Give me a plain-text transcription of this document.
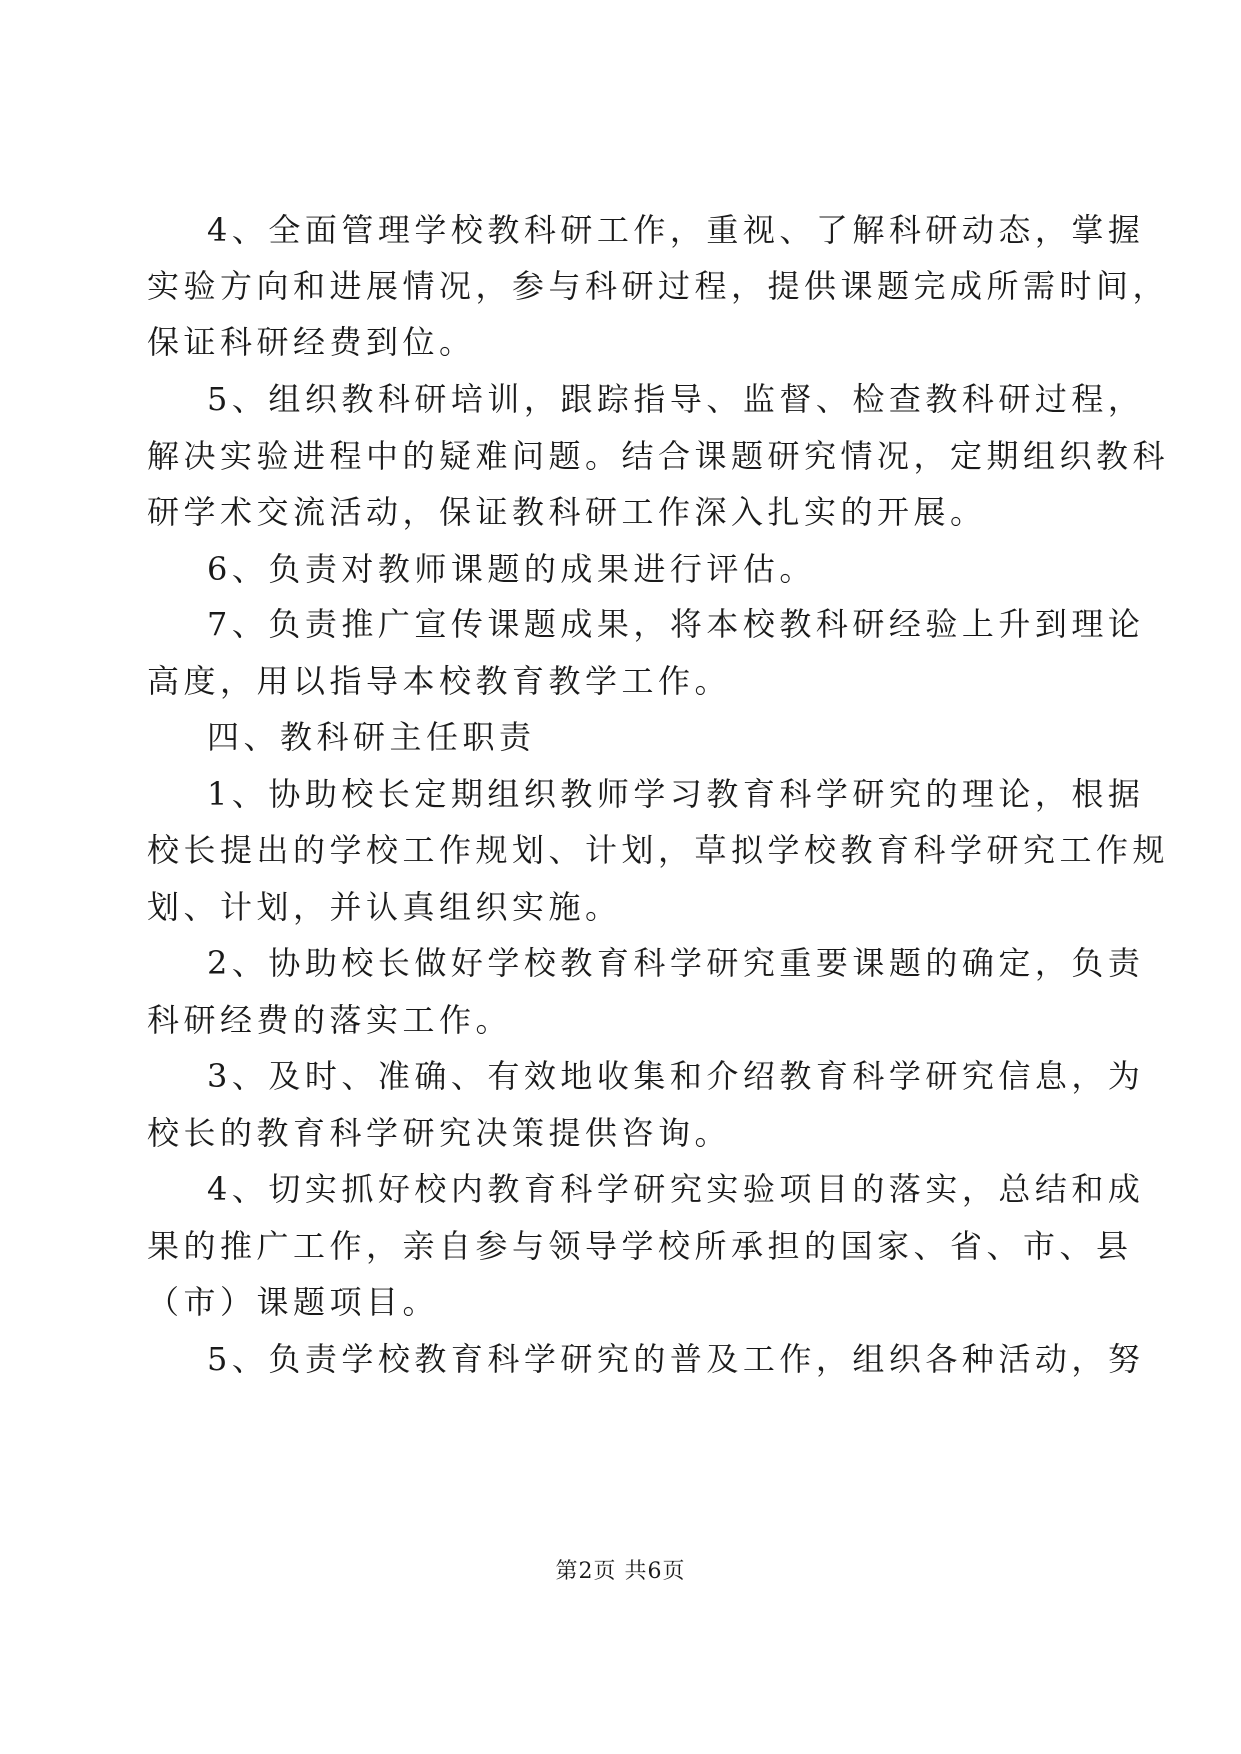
4、全面管理学校教科研工作，重视、了解科研动态，掌握
实验方向和进展情况，参与科研过程，提供课题完成所需时间，
保证科研经费到位。
5、组织教科研培训，跟踪指导、监督、检查教科研过程，
解决实验进程中的疑难问题。结合课题研究情况，定期组织教科
研学术交流活动，保证教科研工作深入扎实的开展。
6、负责对教师课题的成果进行评估。
7、负责推广宣传课题成果，将本校教科研经验上升到理论
高度，用以指导本校教育教学工作。
四、教科研主任职责
1、协助校长定期组织教师学习教育科学研究的理论，根据
校长提出的学校工作规划、计划，草拟学校教育科学研究工作规
划、计划，并认真组织实施。
2、协助校长做好学校教育科学研究重要课题的确定，负责
科研经费的落实工作。
3、及时、准确、有效地收集和介绍教育科学研究信息，为
校长的教育科学研究决策提供咨询。
4、切实抓好校内教育科学研究实验项目的落实，总结和成
果的推广工作，亲自参与领导学校所承担的国家、省、市、县
（市）课题项目。
5、负责学校教育科学研究的普及工作，组织各种活动，努
第2页 共6页
